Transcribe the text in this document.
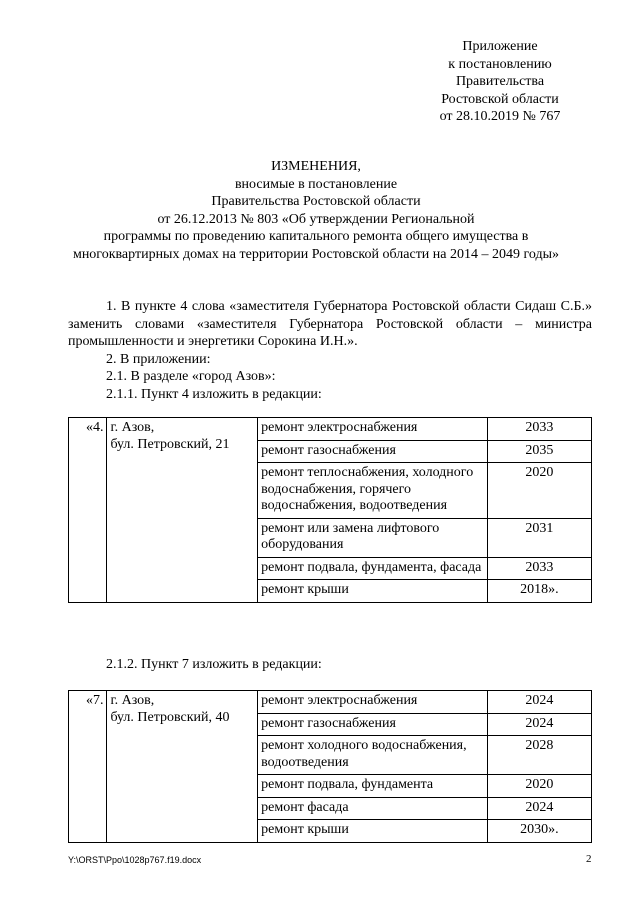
Приложение
к постановлению
Правительства
Ростовской области
от 28.10.2019 № 767
ИЗМЕНЕНИЯ,
вносимые в постановление
Правительства Ростовской области
от 26.12.2013 № 803 «Об утверждении Региональной
программы по проведению капитального ремонта общего имущества в
многоквартирных домах на территории Ростовской области на 2014 – 2049 годы»
1. В пункте 4 слова «заместителя Губернатора Ростовской области Сидаш С.Б.» заменить словами «заместителя Губернатора Ростовской области – министра промышленности и энергетики Сорокина И.Н.».
2. В приложении:
2.1. В разделе «город Азов»:
2.1.1. Пункт 4 изложить в редакции:
«4.	г. Азов,
бул. Петровский, 21	ремонт электроснабжения	2033
		ремонт газоснабжения	2035
		ремонт теплоснабжения, холодного водоснабжения, горячего водоснабжения, водоотведения	2020
		ремонт или замена лифтового оборудования	2031
		ремонт подвала, фундамента, фасада	2033
		ремонт крыши	2018».
2.1.2. Пункт 7 изложить в редакции:
«7.	г. Азов,
бул. Петровский, 40	ремонт электроснабжения	2024
		ремонт газоснабжения	2024
		ремонт холодного водоснабжения, водоотведения	2028
		ремонт подвала, фундамента	2020
		ремонт фасада	2024
		ремонт крыши	2030».
Y:\ORST\Ppo\1028p767.f19.docx	2
